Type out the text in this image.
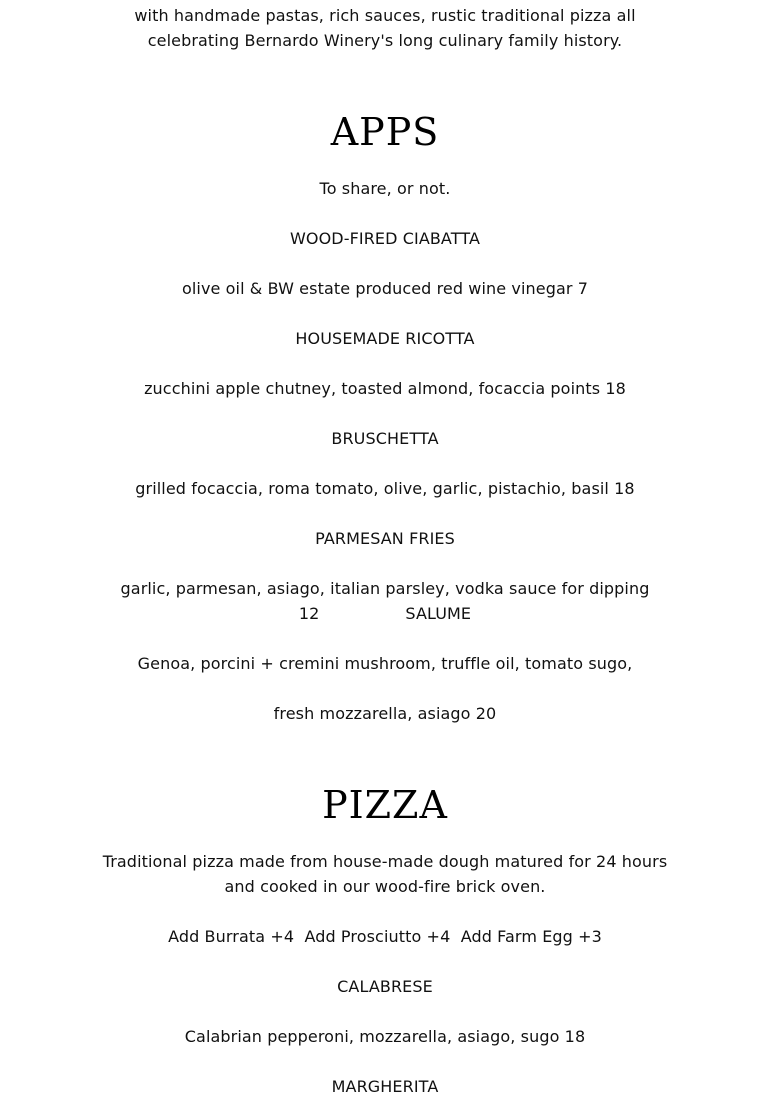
with handmade pastas, rich sauces, rustic traditional pizza all
celebrating Bernardo Winery's long culinary family history.
APPS
To share, or not.
WOOD-FIRED CIABATTA
olive oil & BW estate produced red wine vinegar 7
HOUSEMADE RICOTTA
zucchini apple chutney, toasted almond, focaccia points 18
BRUSCHETTA
grilled focaccia, roma tomato, olive, garlic, pistachio, basil 18
PARMESAN FRIES
garlic, parmesan, asiago, italian parsley, vodka sauce for dipping
12	SALUME
Genoa, porcini + cremini mushroom, truffle oil, tomato sugo,
fresh mozzarella, asiago 20
PIZZA
Traditional pizza made from house-made dough matured for 24 hours
and cooked in our wood-fire brick oven.
Add Burrata +4  Add Prosciutto +4  Add Farm Egg +3
CALABRESE
Calabrian pepperoni, mozzarella, asiago, sugo 18
MARGHERITA
